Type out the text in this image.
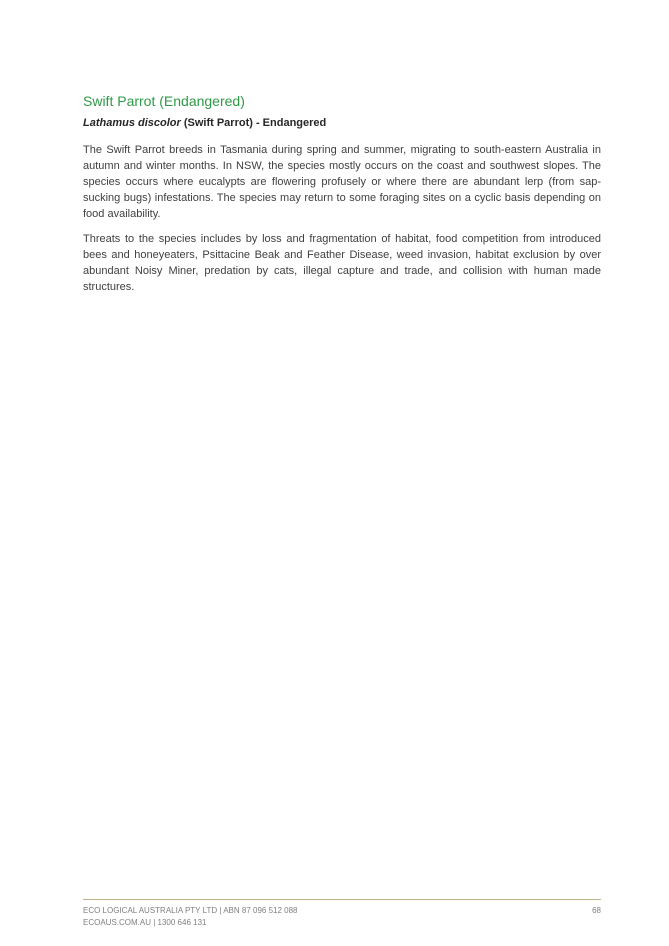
Swift Parrot (Endangered)

Lathamus discolor (Swift Parrot) - Endangered

The Swift Parrot breeds in Tasmania during spring and summer, migrating to south-eastern Australia in autumn and winter months. In NSW, the species mostly occurs on the coast and southwest slopes. The species occurs where eucalypts are flowering profusely or where there are abundant lerp (from sap-sucking bugs) infestations. The species may return to some foraging sites on a cyclic basis depending on food availability.

Threats to the species includes by loss and fragmentation of habitat, food competition from introduced bees and honeyeaters, Psittacine Beak and Feather Disease, weed invasion, habitat exclusion by over abundant Noisy Miner, predation by cats, illegal capture and trade, and collision with human made structures.

ECO LOGICAL AUSTRALIA PTY LTD | ABN 87 096 512 088
ECOAUS.COM.AU | 1300 646 131
68
